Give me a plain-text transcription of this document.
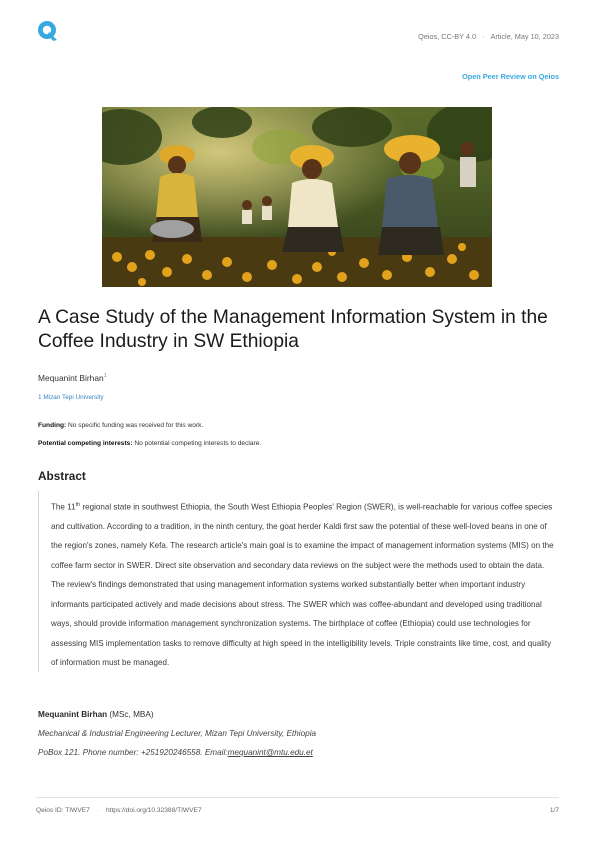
Qeios, CC-BY 4.0 · Article, May 10, 2023
Open Peer Review on Qeios
A Case Study of the Management Information System in the Coffee Industry in SW Ethiopia
Mequanint Birhan$^1$
1 Mizan Tepi University
Funding: No specific funding was received for this work.
Potential competing interests: No potential competing interests to declare.
Abstract

The 11th regional state in southwest Ethiopia, the South West Ethiopia Peoples' Region (SWER), is well-reachable for various coffee species and cultivation. According to a tradition, in the ninth century, the goat herder Kaldi first saw the potential of these well-loved beans in one of the region's zones, namely Kefa. The research article's main goal is to examine the impact of management information systems (MIS) on the coffee farm sector in SWER. Direct site observation and secondary data reviews on the subject were the methods used to obtain the data. The review's findings demonstrated that using management information systems worked substantially better when important industry informants participated actively and made decisions about stress. The SWER which was coffee-abundant and developed using traditional ways, should provide information management synchronization systems. The birthplace of coffee (Ethiopia) could use technologies for assessing MIS implementation tasks to remove difficulty at high speed in the intelligibility levels. Triple constraints like time, cost, and quality of information must be managed.

Mequanint Birhan (MSc, MBA)
Mechanical & Industrial Engineering Lecturer, Mizan Tepi University, Ethiopia
PoBox 121. Phone number: +251920246558. Email:mequanint@mtu.edu.et
Qeios ID: TIWVE7 · https://doi.org/10.32388/TIWVE7	1/7
